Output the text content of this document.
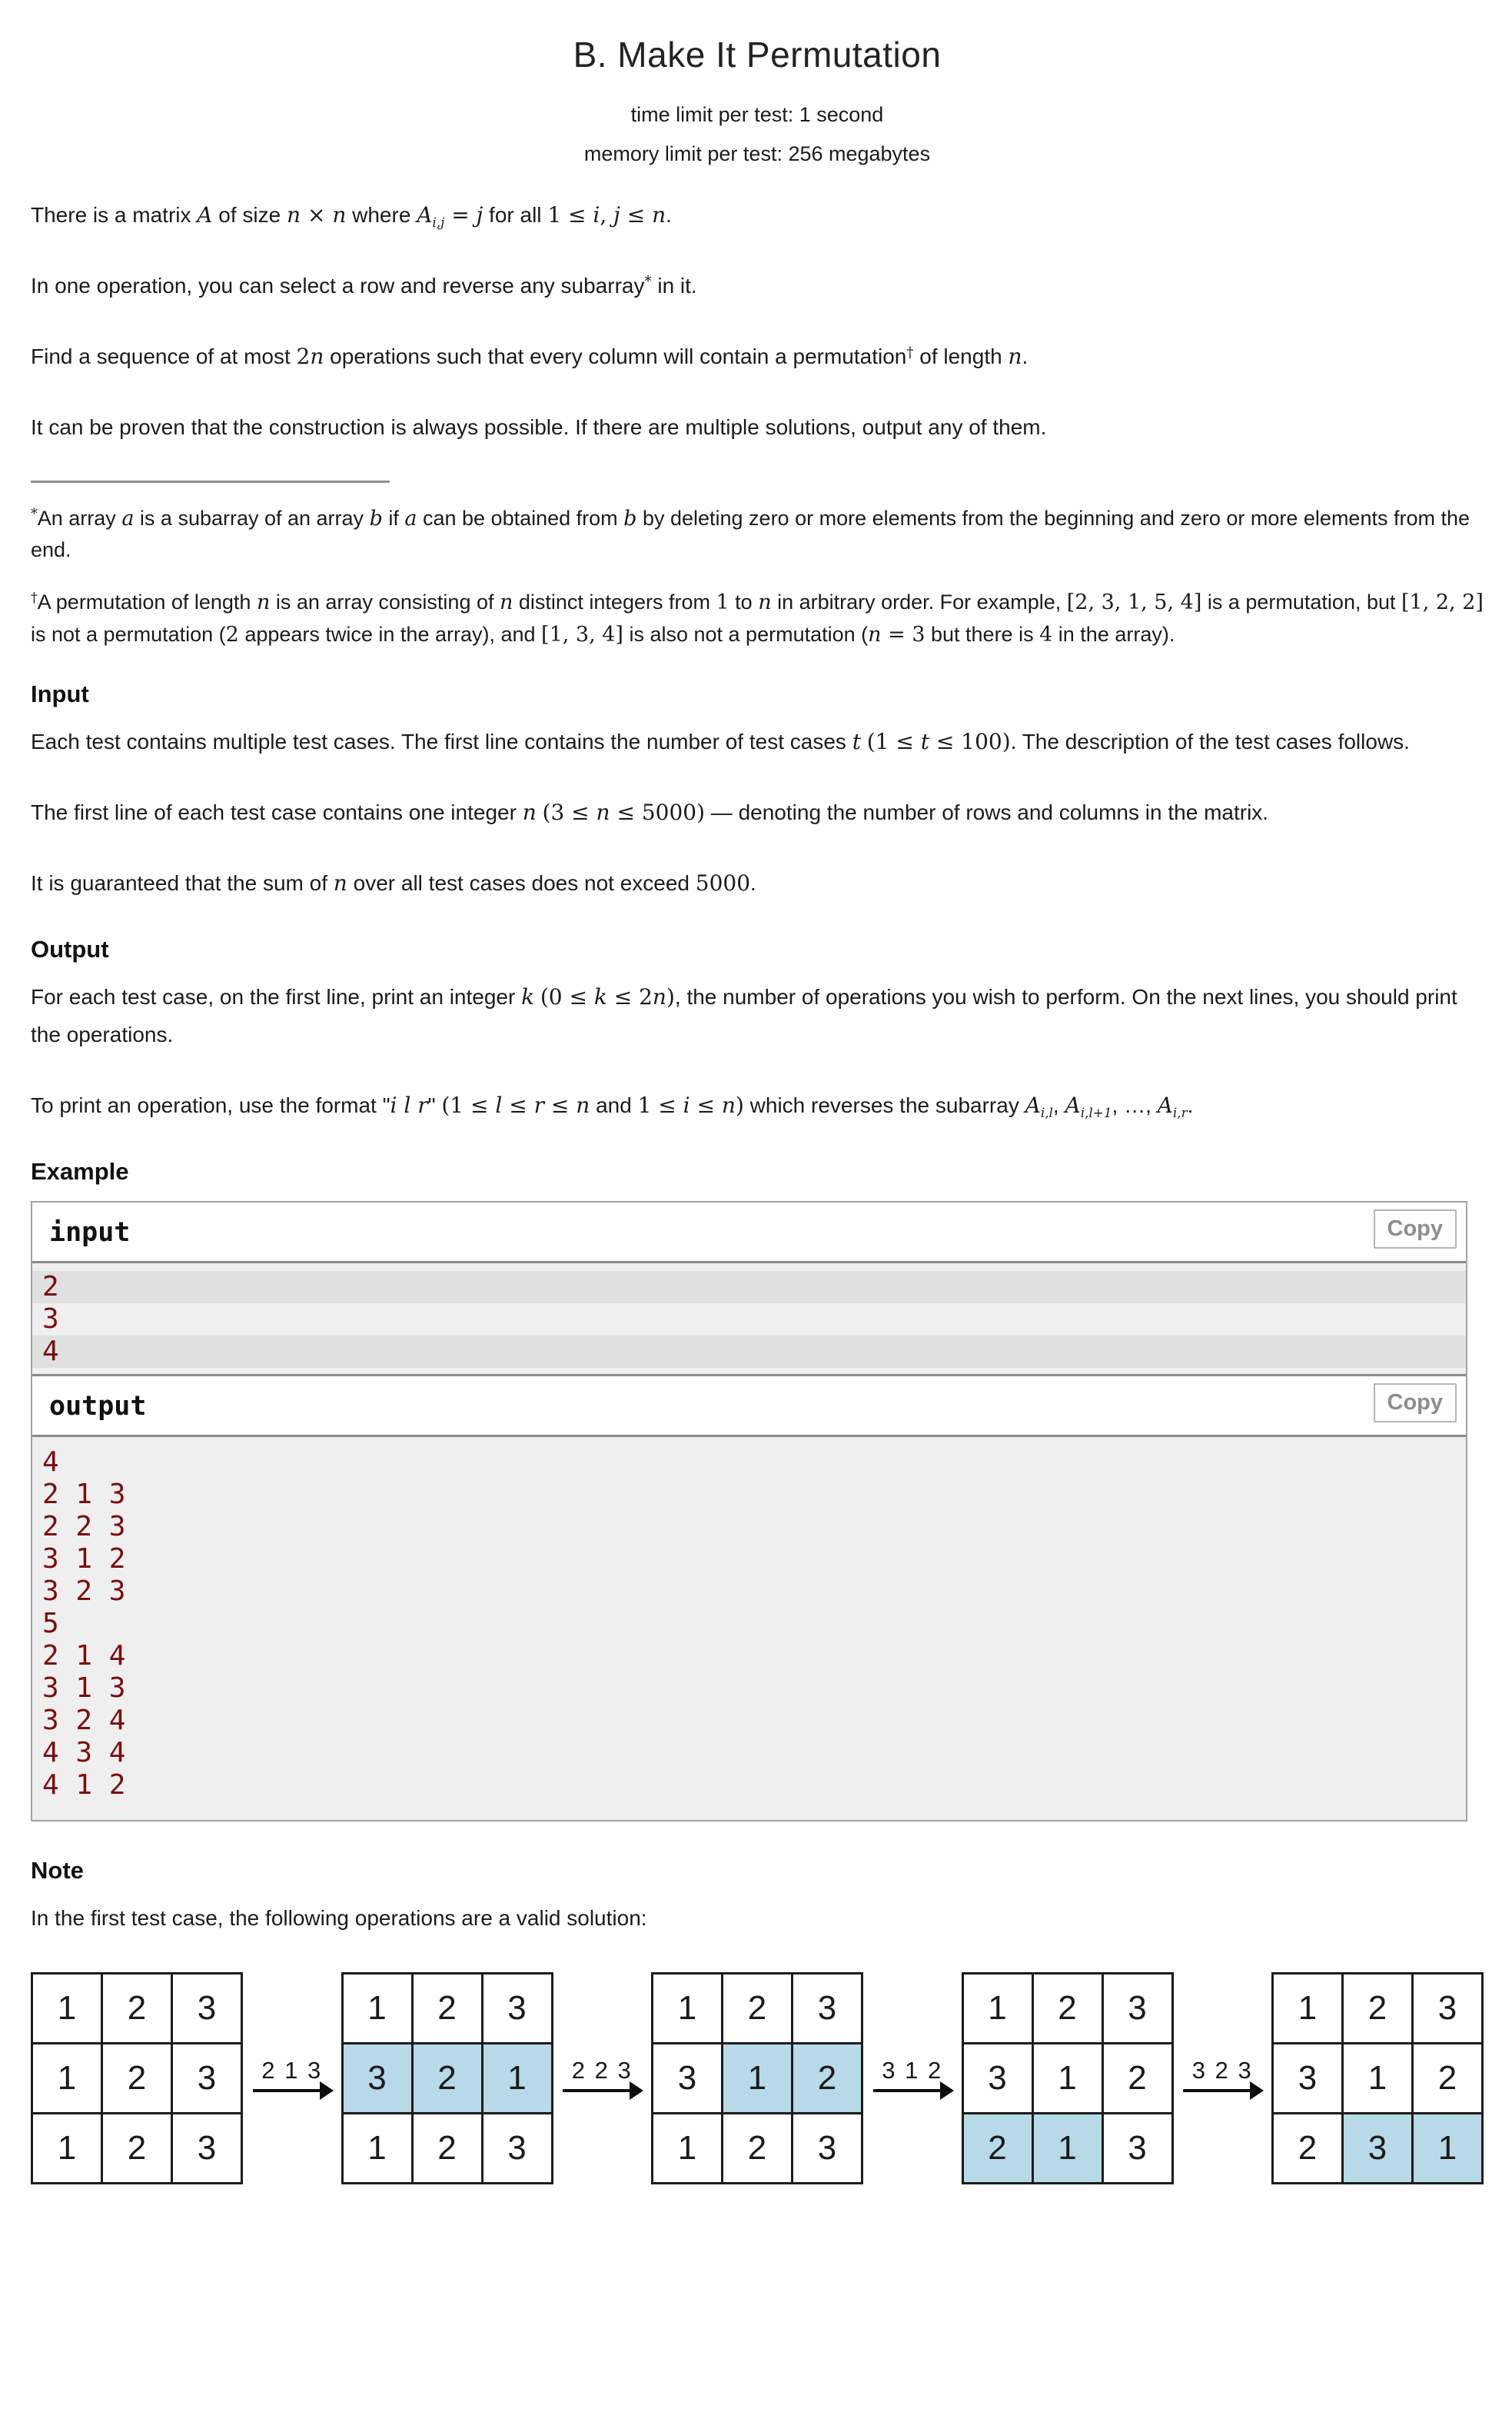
B. Make It Permutation
time limit per test: 1 second
memory limit per test: 256 megabytes

There is a matrix A of size n × n where $A_{i,j} = j$ for all 1 ≤ i, j ≤ n.

In one operation, you can select a row and reverse any subarray* in it.

Find a sequence of at most 2n operations such that every column will contain a permutation† of length n.

It can be proven that the construction is always possible. If there are multiple solutions, output any of them.

*An array a is a subarray of an array b if a can be obtained from b by deleting zero or more elements from the beginning and zero or more elements from the end.

†A permutation of length n is an array consisting of n distinct integers from 1 to n in arbitrary order. For example, [2, 3, 1, 5, 4] is a permutation, but [1, 2, 2] is not a permutation (2 appears twice in the array), and [1, 3, 4] is also not a permutation (n = 3 but there is 4 in the array).

Input

Each test contains multiple test cases. The first line contains the number of test cases t (1 ≤ t ≤ 100). The description of the test cases follows.

The first line of each test case contains one integer n (3 ≤ n ≤ 5000) — denoting the number of rows and columns in the matrix.

It is guaranteed that the sum of n over all test cases does not exceed 5000.

Output

For each test case, on the first line, print an integer k (0 ≤ k ≤ 2n), the number of operations you wish to perform. On the next lines, you should print the operations.

To print an operation, use the format "i l r" (1 ≤ l ≤ r ≤ n and 1 ≤ i ≤ n) which reverses the subarray $A_{i,l}$, $A_{i,l+1}$, …, $A_{i,r}$.

Example
input	Copy
2
3
4
output	Copy
4
2 1 3
2 2 3
3 1 2
3 2 3
5
2 1 4
3 1 3
3 2 4
4 3 4
4 1 2
Note

In the first test case, the following operations are a valid solution:

1	2	3
1	2	3
1	2	3
2 1 3
1	2	3
3	2	1
1	2	3
2 2 3
1	2	3
3	1	2
1	2	3
3 1 2
1	2	3
3	1	2
2	1	3
3 2 3
1	2	3
3	1	2
2	3	1
